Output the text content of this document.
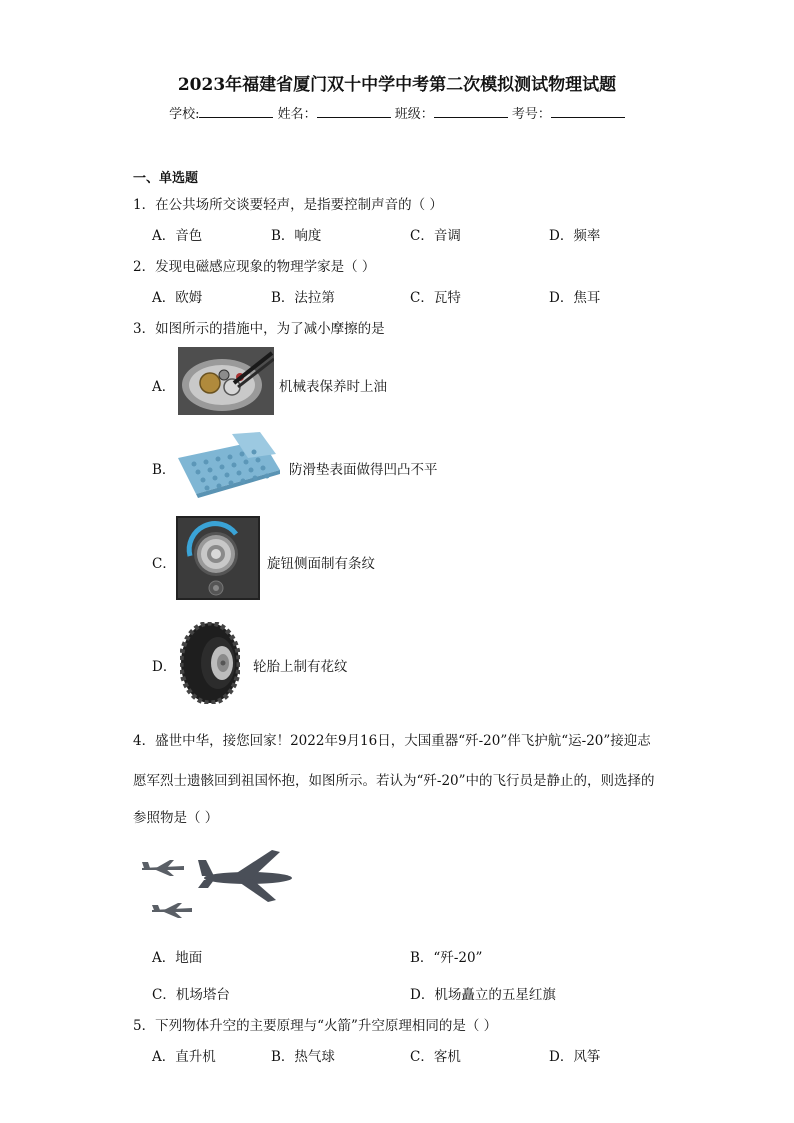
2023年福建省厦门双十中学中考第二次模拟测试物理试题
学校:	姓名：	班级：	考号：
一、单选题
1．在公共场所交谈要轻声，是指要控制声音的（ ）
A．音色	B．响度	C．音调	D．频率
2．发现电磁感应现象的物理学家是（ ）
A．欧姆	B．法拉第	C．瓦特	D．焦耳
3．如图所示的措施中，为了减小摩擦的是
A．	机械表保养时上油
B．	防滑垫表面做得凹凸不平
C．	旋钮侧面制有条纹
D．	轮胎上制有花纹
4．盛世中华，接您回家！2022年9月16日，大国重器“歼-20”伴飞护航“运-20”接迎志
愿军烈士遗骸回到祖国怀抱，如图所示。若认为“歼-20”中的飞行员是静止的，则选择的
参照物是（ ）
A．地面	B．“歼-20”
C．机场塔台	D．机场矗立的五星红旗
5．下列物体升空的主要原理与“火箭”升空原理相同的是（ ）
A．直升机	B．热气球	C．客机	D．风筝
